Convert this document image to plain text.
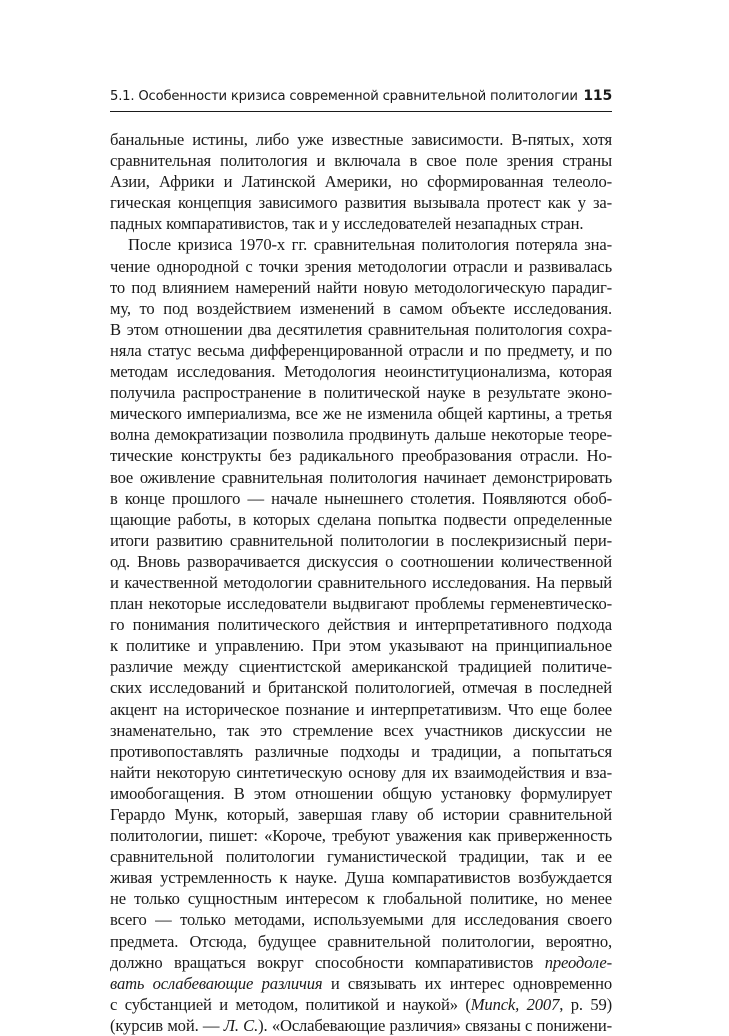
5.1. Особенности кризиса современной сравнительной политологии 115
банальные истины, либо уже известные зависимости. В-пятых, хотя
сравнительная политология и включала в свое поле зрения страны
Азии, Африки и Латинской Америки, но сформированная телеоло-
гическая концепция зависимого развития вызывала протест как у за-
падных компаративистов, так и у исследователей незападных стран.
После кризиса 1970-х гг. сравнительная политология потеряла зна-
чение однородной с точки зрения методологии отрасли и развивалась
то под влиянием намерений найти новую методологическую парадиг-
му, то под воздействием изменений в самом объекте исследования.
В этом отношении два десятилетия сравнительная политология сохра-
няла статус весьма дифференцированной отрасли и по предмету, и по
методам исследования. Методология неоинституционализма, которая
получила распространение в политической науке в результате эконо-
мического империализма, все же не изменила общей картины, а третья
волна демократизации позволила продвинуть дальше некоторые теоре-
тические конструкты без радикального преобразования отрасли. Но-
вое оживление сравнительная политология начинает демонстрировать
в конце прошлого — начале нынешнего столетия. Появляются обоб-
щающие работы, в которых сделана попытка подвести определенные
итоги развитию сравнительной политологии в послекризисный пери-
од. Вновь разворачивается дискуссия о соотношении количественной
и качественной методологии сравнительного исследования. На первый
план некоторые исследователи выдвигают проблемы герменевтическо-
го понимания политического действия и интерпретативного подхода
к политике и управлению. При этом указывают на принципиальное
различие между сциентистской американской традицией политиче-
ских исследований и британской политологией, отмечая в последней
акцент на историческое познание и интерпретативизм. Что еще более
знаменательно, так это стремление всех участников дискуссии не
противопоставлять различные подходы и традиции, а попытаться
найти некоторую синтетическую основу для их взаимодействия и вза-
имообогащения. В этом отношении общую установку формулирует
Герардо Мунк, который, завершая главу об истории сравнительной
политологии, пишет: «Короче, требуют уважения как приверженность
сравнительной политологии гуманистической традиции, так и ее
живая устремленность к науке. Душа компаративистов возбуждается
не только сущностным интересом к глобальной политике, но менее
всего — только методами, используемыми для исследования своего
предмета. Отсюда, будущее сравнительной политологии, вероятно,
должно вращаться вокруг способности компаративистов преодоле-
вать ослабевающие различия и связывать их интерес одновременно
с субстанцией и методом, политикой и наукой» (Munck, 2007, р. 59)
(курсив мой. — Л. С.). «Ослабевающие различия» связаны с понижени-
